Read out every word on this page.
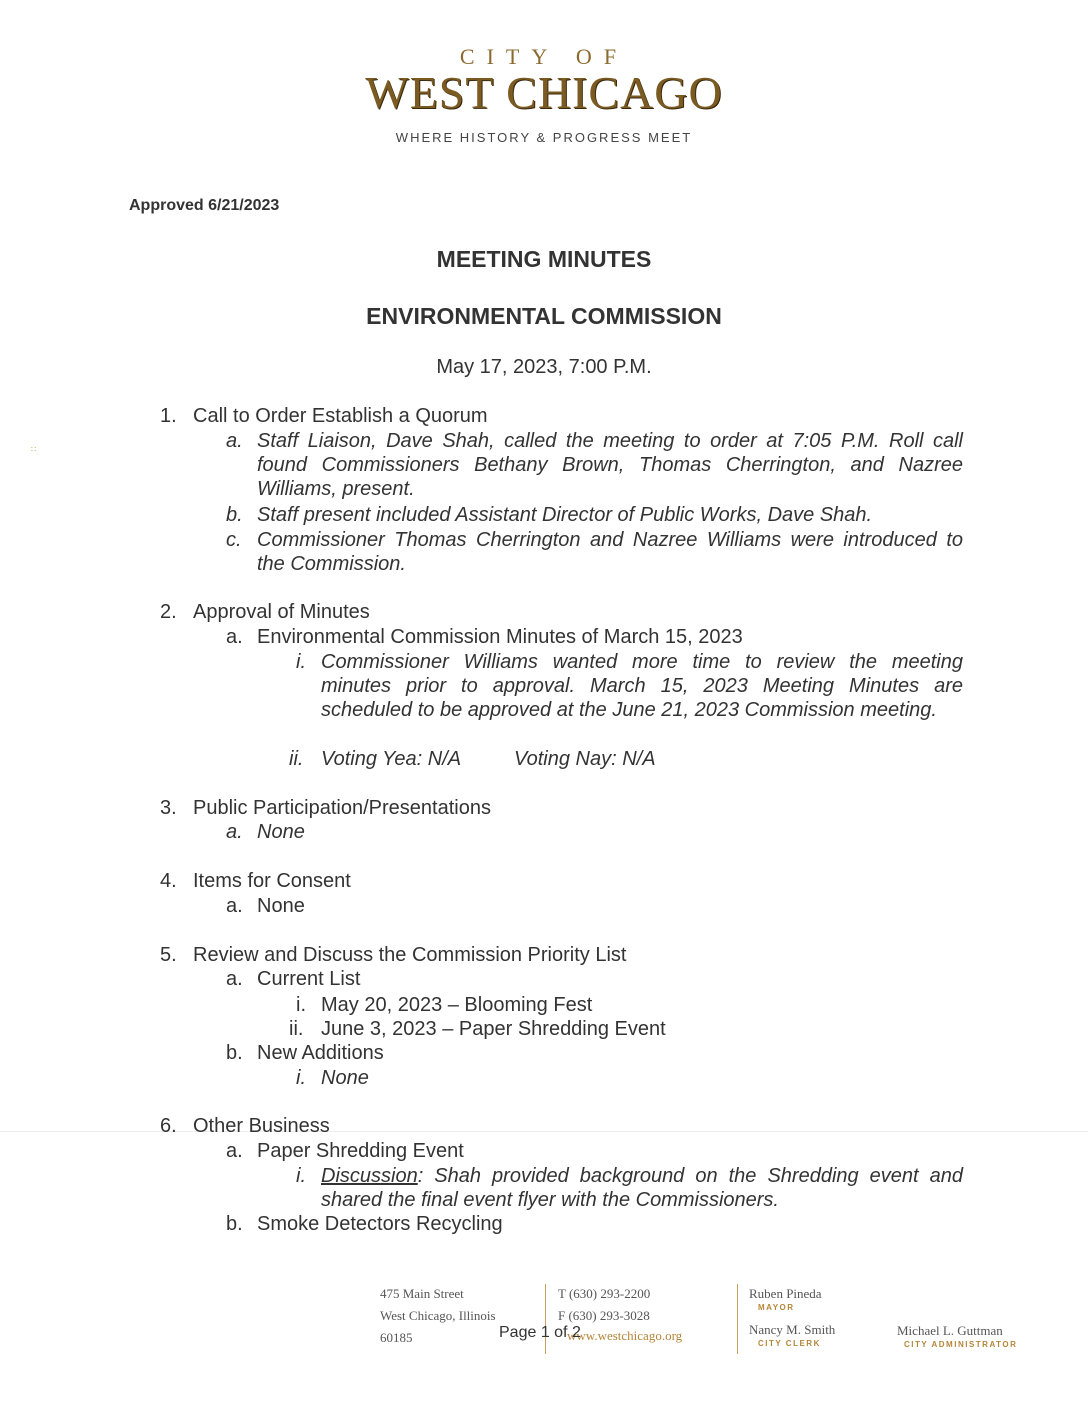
CITY OF
WEST CHICAGO
WHERE HISTORY & PROGRESS MEET
Approved 6/21/2023
MEETING MINUTES
ENVIRONMENTAL COMMISSION
May 17, 2023, 7:00 P.M.
∷
1. Call to Order Establish a Quorum
a. Staff Liaison, Dave Shah, called the meeting to order at 7:05 P.M. Roll call found Commissioners Bethany Brown, Thomas Cherrington, and Nazree Williams, present.
b. Staff present included Assistant Director of Public Works, Dave Shah.
c. Commissioner Thomas Cherrington and Nazree Williams were introduced to the Commission.
2. Approval of Minutes
a. Environmental Commission Minutes of March 15, 2023
i. Commissioner Williams wanted more time to review the meeting minutes prior to approval. March 15, 2023 Meeting Minutes are scheduled to be approved at the June 21, 2023 Commission meeting.
ii. Voting Yea: N/A	Voting Nay: N/A
3. Public Participation/Presentations
a. None
4. Items for Consent
a. None
5. Review and Discuss the Commission Priority List
a. Current List
i. May 20, 2023 – Blooming Fest
ii. June 3, 2023 – Paper Shredding Event
b. New Additions
i. None
6. Other Business
a. Paper Shredding Event
i. Discussion: Shah provided background on the Shredding event and shared the final event flyer with the Commissioners.
b. Smoke Detectors Recycling
475 Main Street
West Chicago, Illinois
60185
T (630) 293-2200
F (630) 293-3028
www.westchicago.org
Page 1 of 2
Ruben Pineda
MAYOR
Nancy M. Smith
CITY CLERK
Michael L. Guttman
CITY ADMINISTRATOR
